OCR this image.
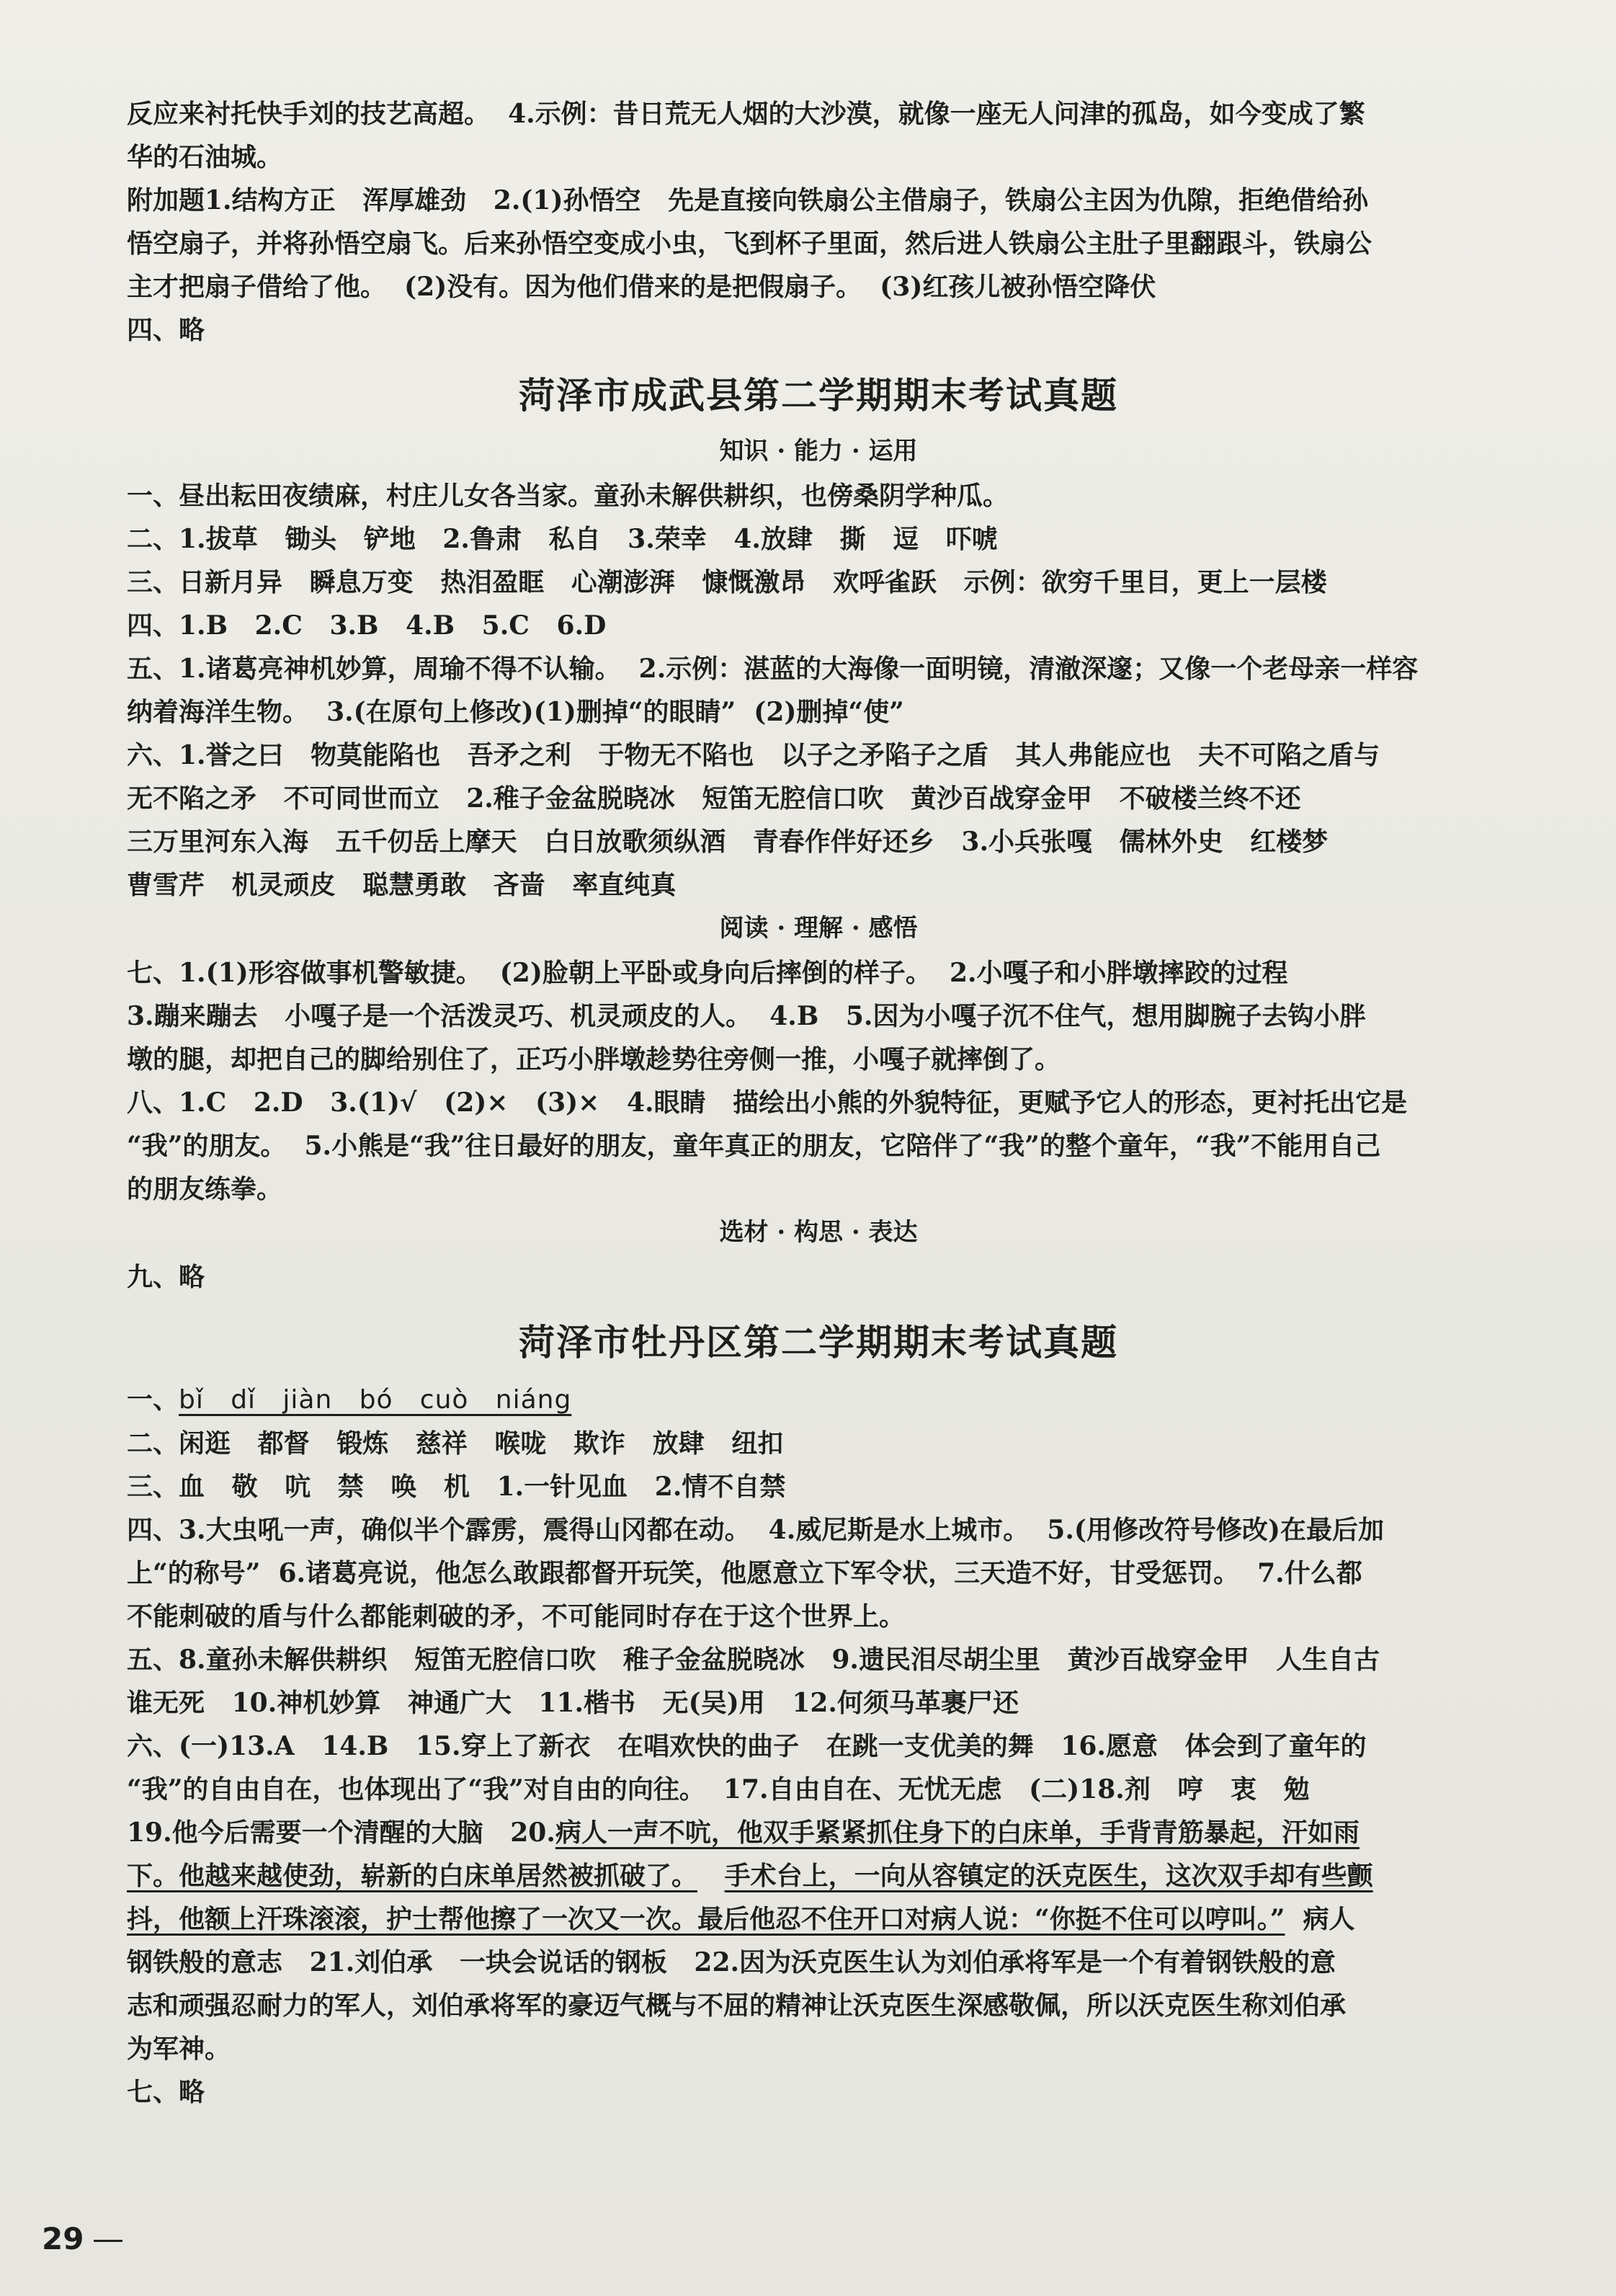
反应来衬托快手刘的技艺高超。  4.示例：昔日荒无人烟的大沙漠，就像一座无人问津的孤岛，如今变成了繁

华的石油城。

附加题1.结构方正   浑厚雄劲   2.(1)孙悟空   先是直接向铁扇公主借扇子，铁扇公主因为仇隙，拒绝借给孙

悟空扇子，并将孙悟空扇飞。后来孙悟空变成小虫，飞到杯子里面，然后进人铁扇公主肚子里翻跟斗，铁扇公

主才把扇子借给了他。  (2)没有。因为他们借来的是把假扇子。  (3)红孩儿被孙悟空降伏

四、略

菏泽市成武县第二学期期末考试真题
知识 · 能力 · 运用

一、昼出耘田夜绩麻，村庄儿女各当家。童孙未解供耕织，也傍桑阴学种瓜。

二、1.拔草   锄头   铲地   2.鲁肃   私自   3.荣幸   4.放肆   撕   逗   吓唬

三、日新月异   瞬息万变   热泪盈眶   心潮澎湃   慷慨激昂   欢呼雀跃   示例：欲穷千里目，更上一层楼

四、1.B   2.C   3.B   4.B   5.C   6.D

五、1.诸葛亮神机妙算，周瑜不得不认输。  2.示例：湛蓝的大海像一面明镜，清澈深邃；又像一个老母亲一样容

纳着海洋生物。  3.(在原句上修改)(1)删掉“的眼睛”  (2)删掉“使”

六、1.誉之曰   物莫能陷也   吾矛之利   于物无不陷也   以子之矛陷子之盾   其人弗能应也   夫不可陷之盾与

无不陷之矛   不可同世而立   2.稚子金盆脱晓冰   短笛无腔信口吹   黄沙百战穿金甲   不破楼兰终不还

三万里河东入海   五千仞岳上摩天   白日放歌须纵酒   青春作伴好还乡   3.小兵张嘎   儒林外史   红楼梦

曹雪芹   机灵顽皮   聪慧勇敢   吝啬   率直纯真

阅读 · 理解 · 感悟

七、1.(1)形容做事机警敏捷。  (2)脸朝上平卧或身向后摔倒的样子。  2.小嘎子和小胖墩摔跤的过程

3.蹦来蹦去   小嘎子是一个活泼灵巧、机灵顽皮的人。  4.B   5.因为小嘎子沉不住气，想用脚腕子去钩小胖

墩的腿，却把自己的脚给别住了，正巧小胖墩趁势往旁侧一推，小嘎子就摔倒了。

八、1.C   2.D   3.(1)√   (2)×   (3)×   4.眼睛   描绘出小熊的外貌特征，更赋予它人的形态，更衬托出它是

“我”的朋友。  5.小熊是“我”往日最好的朋友，童年真正的朋友，它陪伴了“我”的整个童年，“我”不能用自己

的朋友练拳。

选材 · 构思 · 表达

九、略

菏泽市牡丹区第二学期期末考试真题

一、bǐ   dǐ   jiàn   bó   cuò   niáng

二、闲逛   都督   锻炼   慈祥   喉咙   欺诈   放肆   纽扣

三、血   敬   吭   禁   唤   机   1.一针见血   2.情不自禁

四、3.大虫吼一声，确似半个霹雳，震得山冈都在动。  4.威尼斯是水上城市。  5.(用修改符号修改)在最后加

上“的称号”  6.诸葛亮说，他怎么敢跟都督开玩笑，他愿意立下军令状，三天造不好，甘受惩罚。  7.什么都

不能刺破的盾与什么都能刺破的矛，不可能同时存在于这个世界上。

五、8.童孙未解供耕织   短笛无腔信口吹   稚子金盆脱晓冰   9.遗民泪尽胡尘里   黄沙百战穿金甲   人生自古

谁无死   10.神机妙算   神通广大   11.楷书   无(吴)用   12.何须马革裹尸还

六、(一)13.A   14.B   15.穿上了新衣   在唱欢快的曲子   在跳一支优美的舞   16.愿意   体会到了童年的

“我”的自由自在，也体现出了“我”对自由的向往。  17.自由自在、无忧无虑   (二)18.剂   哼   衷   勉

19.他今后需要一个清醒的大脑   20.病人一声不吭，他双手紧紧抓住身下的白床单，手背青筋暴起，汗如雨

下。他越来越使劲，崭新的白床单居然被抓破了。 手术台上，一向从容镇定的沃克医生，这次双手却有些颤

抖，他额上汗珠滚滚，护士帮他擦了一次又一次。最后他忍不住开口对病人说：“你挺不住可以哼叫。”  病人

钢铁般的意志   21.刘伯承   一块会说话的钢板   22.因为沃克医生认为刘伯承将军是一个有着钢铁般的意

志和顽强忍耐力的军人，刘伯承将军的豪迈气概与不屈的精神让沃克医生深感敬佩，所以沃克医生称刘伯承

为军神。

七、略

29
